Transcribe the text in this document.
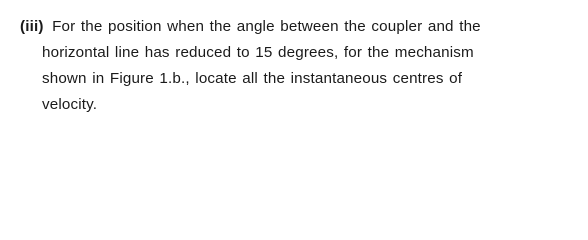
(iii) For the position when the angle between the coupler and the
horizontal line has reduced to 15 degrees, for the mechanism
shown in Figure 1.b., locate all the instantaneous centres of
velocity.
